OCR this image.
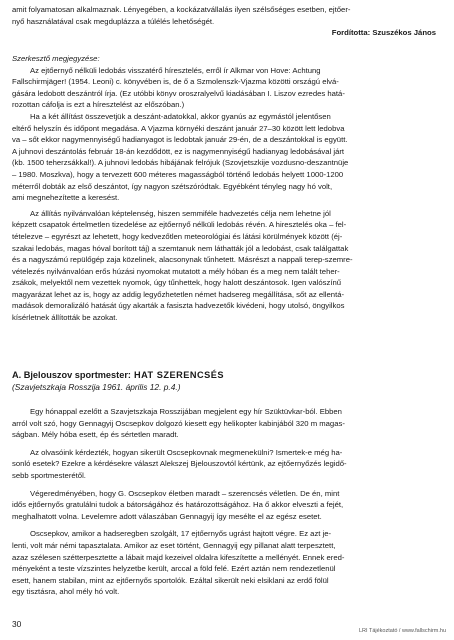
amit folyamatosan alkalmaznak. Lényegében, a kockázatvállalás ilyen szélsőséges esetben, ejtőer-

nyő használatával csak megduplázza a túlélés lehetőségét.

Fordította: Szuszékos János

Szerkesztő megjegyzése:

Az ejtőernyő nélküli ledobás visszatérő híresztelés, erről ír Alkmar von Hove: Achtung

Fallschirmjäger! (1954. Leoni) c. könyvében is, de ő a Szmolenszk-Vjazma közötti országú elvá-

gására ledobott deszántról írja. (Ez utóbbi könyv oroszralyelvű kiadásában I. Liszov ezredes hatá-

rozottan cáfolja is ezt a híresztelést az előszóban.)

Ha a két állítást összevetjük a deszánt-adatokkal, akkor gyanús az egymástól jelentősen

eltérő helyszín és időpont megadása. A Vjazma környéki deszánt január 27–30 között lett ledobva

va – sőt ekkor nagymennyiségű hadianyagot is ledobtak január 29-én, de a deszántokkal is együtt.

A juhnovi deszántolás február 18-án kezdődött, ez is nagymennyiségű hadianyag ledobásával járt

(kb. 1500 teherzsákkal!). A juhnovi ledobás hibájának felrójuk (Szovjetszkije vozdusno-deszantnüje

– 1980. Moszkva), hogy a tervezett 600 méteres magasságból történő ledobás helyett 1000-1200

méterről dobták az első deszántot, így nagyon szétszóródtak. Egyébként tényleg nagy hó volt,

ami megnehezítette a keresést.

Az állítás nyilvánvalóan képtelenség, hiszen semmiféle hadvezetés célja nem lehetne jól

képzett csapatok értelmetlen tizedelése az ejtőernyő nélküli ledobás révén. A hiresztelés oka – fel-

tételezve – egyrészt az lehetett, hogy kedvezőtlen meteorológiai és látási körülmények között (éj-

szakai ledobás, magas hóval borított táj) a szemtanuk nem láthatták jól a ledobást, csak találgattak

és a nagyszámú repülőgép zaja közelinek, alacsonynak tűnhetett. Másrészt a nappali terep-szemre-

vételezés nyilvánvalóan erős húzási nyomokat mutatott a mély hóban és a meg nem talált teher-

zsákok, melyektől nem vezettek nyomok, úgy tűnhettek, hogy halott deszántosok. Igen valószínű

magyarázat lehet az is, hogy az addig legyőzhetetlen német hadsereg megállítása, sőt az ellentá-

madások demoralizáló hatását úgy akarták a fasiszta hadvezetők kivédeni, hogy utolsó, öngyilkos

kísérletnek állították be azokat.

A. Bjelouszov sportmester: HAT SZERENCSÉS

(Szavjetszkaja Rosszija 1961. április 12. p.4.)

Egy hónappal ezelőtt a Szavjetszkaja Rosszijában megjelent egy hír Szüktüvkar-ból. Ebben

arról volt szó, hogy Gennagyij Oscsepkov dolgozó kiesett egy helikopter kabinjából 320 m magas-

ságban. Mély hóba esett, ép és sértetlen maradt.

Az olvasóink kérdezték, hogyan sikerült Oscsepkovnak megmenekülni? Ismertek-e még ha-

sonló esetek? Ezekre a kérdésekre választ Alekszej Bjelouszovtól kértünk, az ejtőernyőzés legidő-

sebb sportmesterétől.

Végeredményében, hogy G. Oscsepkov életben maradt – szerencsés véletlen. De én, mint

idős ejtőernyős gratulálni tudok a bátorságához és határozottságához. Ha ő akkor elveszti a fejét,

meghalhatott volna. Levelemre adott válaszában Gennagyij így mesélte el az egész esetet.

Oscsepkov, amikor a hadseregben szolgált, 17 ejtőernyős ugrást hajtott végre. Ez azt je-

lenti, volt már némi tapasztalata. Amikor az eset történt, Gennagyij egy pillanat alatt terpesztett,

azaz szélesen szétterpesztette a lábait majd kezeivel oldalra kifeszítette a mellényét. Ennek ered-

ményeként a teste vízszintes helyzetbe került, arccal a föld felé. Ezért aztán nem rendezetlenül

esett, hanem stabilan, mint az ejtőernyős sportolók. Ezáltal sikerült neki elsiklani az erdő fölül

egy tisztásra, ahol mély hó volt.

30
LRI Tájékoztató / www.fallschirm.hu
